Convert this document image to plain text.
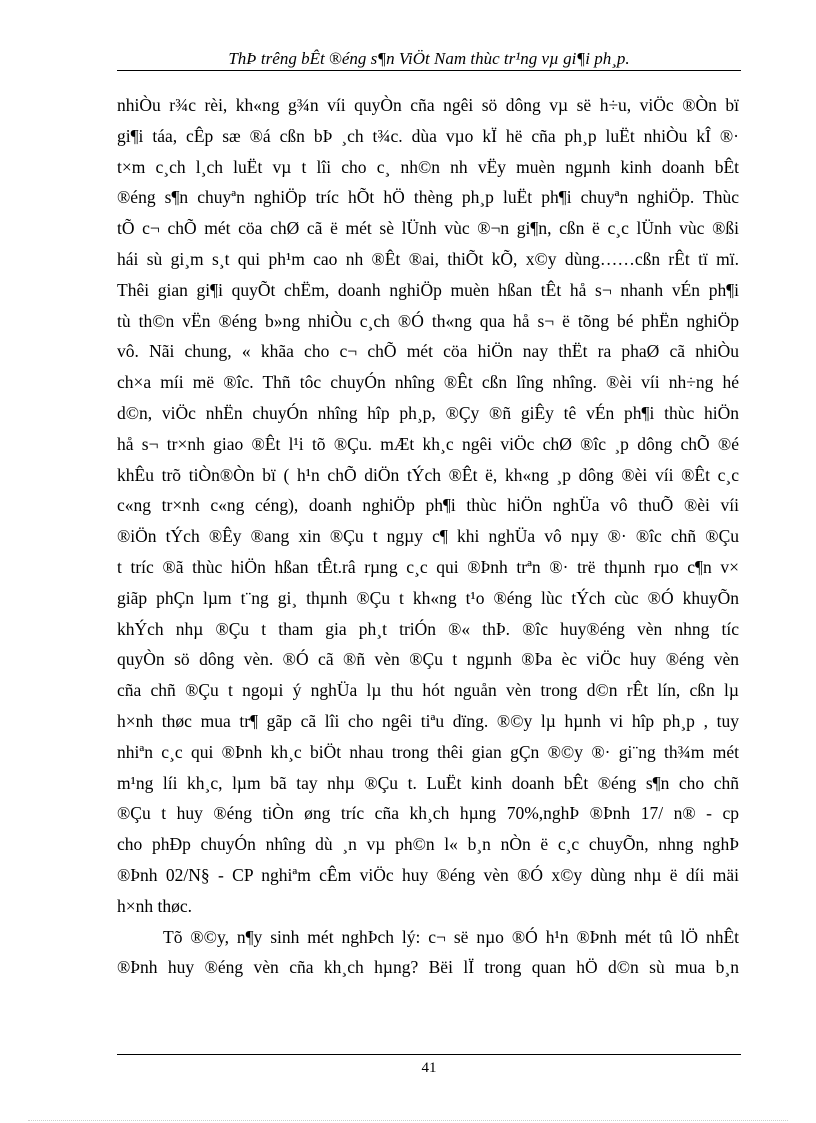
ThÞ trêng bÊt ®éng s¶n ViÖt Nam thùc tr¹ng vµ gi¶i ph¸p.
nhiÒu r¾c rèi, kh«ng g¾n víi quyÒn cña ngêi sö dông vµ së h÷u, viÖc ®Òn bï
gi¶i táa, cÊp sæ ®á cßn bÞ ¸ch t¾c. dùa vµo kÏ hë cña ph¸p luËt nhiÒu kÎ ®·
t×m c¸ch l¸ch luËt vµ t lîi cho c¸ nh©n nh vËy muèn ngµnh kinh doanh bÊt
®éng s¶n chuyªn nghiÖp tríc hÕt hÖ thèng ph¸p luËt ph¶i chuyªn nghiÖp. Thùc
tÕ c¬ chÕ mét cöa chØ cã ë mét sè lÜnh vùc ®¬n gi¶n, cßn ë c¸c lÜnh vùc ®ßi
hái sù gi¸m s¸t qui ph¹m cao nh ®Êt ®ai, thiÕt kÕ, x©y dùng……cßn rÊt tï mï.
Thêi gian gi¶i quyÕt chËm, doanh nghiÖp muèn hßan tÊt hå s¬ nhanh vÉn ph¶i
tù th©n vËn ®éng b»ng nhiÒu c¸ch ®Ó th«ng qua hå s¬ ë tõng bé phËn nghiÖp
vô. Nãi chung, « khãa cho c¬ chÕ mét cöa hiÖn nay thËt ra phaØ cã nhiÒu
ch×a míi më ®îc. Thñ tôc chuyÓn nhîng ®Êt cßn lîng nhîng. ®èi víi nh÷ng hé
d©n, viÖc nhËn chuyÓn nhîng hîp ph¸p, ®Çy ®ñ giÊy tê vÉn ph¶i thùc hiÖn
hå s¬ tr×nh giao ®Êt l¹i tõ ®Çu. mÆt kh¸c ngêi viÖc chØ ®îc ¸p dông chÕ ®é
khÊu trõ tiÒn®Òn bï ( h¹n chÕ diÖn tÝch ®Êt ë, kh«ng ¸p dông ®èi víi ®Êt c¸c
c«ng tr×nh c«ng céng), doanh nghiÖp ph¶i thùc hiÖn nghÜa vô thuÕ ®èi víi
®iÖn tÝch ®Êy ®ang xin ®Çu t ngµy c¶ khi nghÜa vô nµy ®· ®îc chñ ®Çu
t tríc ®ã thùc hiÖn hßan tÊt.râ rµng c¸c qui ®Þnh trªn ®· trë thµnh rµo c¶n v×
giãp phÇn lµm t¨ng gi¸ thµnh ®Çu t kh«ng t¹o ®éng lùc tÝch cùc ®Ó khuyÕn
khÝch nhµ ®Çu t tham gia ph¸t triÓn ®« thÞ. ®îc huy®éng vèn nhng tíc
quyÒn sö dông vèn. ®Ó cã ®ñ vèn ®Çu t ngµnh ®Þa èc viÖc huy ®éng vèn
cña chñ ®Çu t ngoµi ý nghÜa lµ thu hót nguån vèn trong d©n rÊt lín, cßn lµ
h×nh thøc mua tr¶ gãp cã lîi cho ngêi tiªu dïng. ®©y lµ hµnh vi hîp ph¸p , tuy
nhiªn c¸c qui ®Þnh kh¸c biÖt nhau trong thêi gian gÇn ®©y ®· gi¨ng th¾m mét
m¹ng líi kh¸c, lµm bã tay nhµ ®Çu t. LuËt kinh doanh bÊt ®éng s¶n cho chñ
®Çu t huy ®éng tiÒn øng tríc cña kh¸ch hµng 70%,nghÞ ®Þnh 17/ n® - cp
cho phÐp chuyÓn nhîng dù ¸n vµ ph©n l« b¸n nÒn ë c¸c chuyÕn, nhng nghÞ
®Þnh 02/N§ - CP nghiªm cÊm viÖc huy ®éng vèn ®Ó x©y dùng nhµ ë díi mäi
h×nh thøc.
Tõ ®©y, n¶y sinh mét nghÞch lý: c¬ së nµo ®Ó h¹n ®Þnh mét tû lÖ nhÊt
®Þnh huy ®éng vèn cña kh¸ch hµng? Bëi lÏ trong quan hÖ d©n sù mua b¸n
41
